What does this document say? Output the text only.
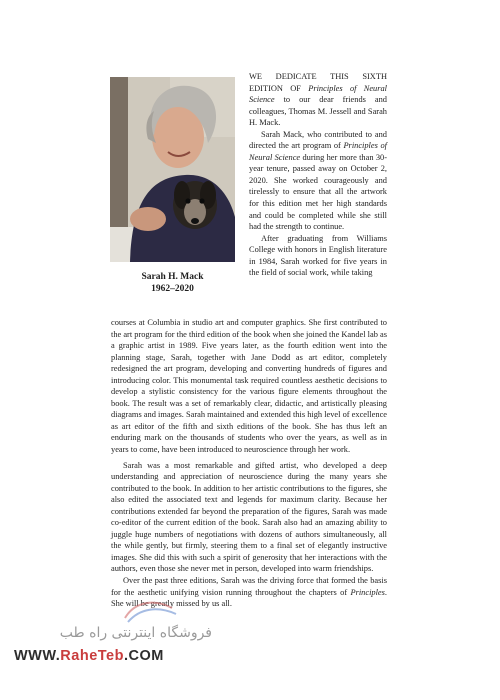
Sarah H. Mack
1962–2020

WE DEDICATE THIS SIXTH EDITION OF Principles of Neural Science to our dear friends and colleagues, Thomas M. Jessell and Sarah H. Mack.

Sarah Mack, who contributed to and directed the art program of Principles of Neural Science during her more than 30-year tenure, passed away on October 2, 2020. She worked courageously and tirelessly to ensure that all the artwork for this edition met her high standards and could be completed while she still had the strength to continue.

After graduating from Williams College with honors in English literature in 1984, Sarah worked for five years in the field of social work, while taking

courses at Columbia in studio art and computer graphics. She first contributed to the art program for the third edition of the book when she joined the Kandel lab as a graphic artist in 1989. Five years later, as the fourth edition went into the planning stage, Sarah, together with Jane Dodd as art editor, completely redesigned the art program, developing and converting hundreds of figures and introducing color. This monumental task required countless aesthetic decisions to develop a stylistic consistency for the various figure elements throughout the book. The result was a set of remarkably clear, didactic, and artistically pleasing diagrams and images. Sarah maintained and extended this high level of excellence as art editor of the fifth and sixth editions of the book. She has thus left an enduring mark on the thousands of students who over the years, as well as in years to come, have been introduced to neuroscience through her work.

Sarah was a most remarkable and gifted artist, who developed a deep understanding and appreciation of neuroscience during the many years she contributed to the book. In addition to her artistic contributions to the figures, she also edited the associated text and legends for maximum clarity. Because her contributions extended far beyond the preparation of the figures, Sarah was made co-editor of the current edition of the book. Sarah also had an amazing ability to juggle huge numbers of negotiations with dozens of authors simultaneously, all the while gently, but firmly, steering them to a final set of elegantly instructive images. She did this with such a spirit of generosity that her interactions with the authors, even those she never met in person, developed into warm friendships.

Over the past three editions, Sarah was the driving force that formed the basis for the aesthetic unifying vision running throughout the chapters of Principles. She will be greatly missed by us all.

فروشگاه اینترنتی راه طب
WWW.RaheTeb.COM
